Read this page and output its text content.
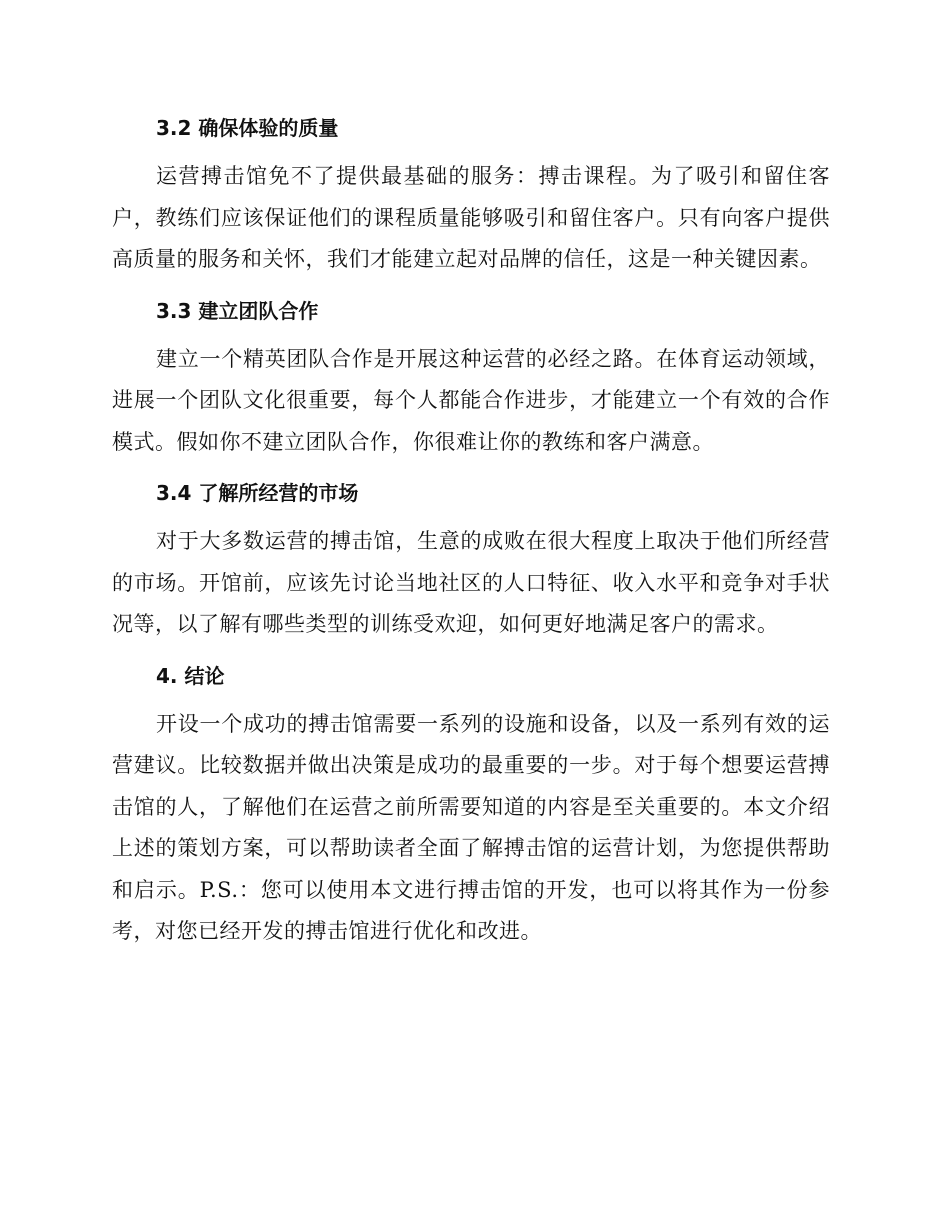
3.2 确保体验的质量

运营搏击馆免不了提供最基础的服务：搏击课程。为了吸引和留住客户，教练们应该保证他们的课程质量能够吸引和留住客户。只有向客户提供高质量的服务和关怀，我们才能建立起对品牌的信任，这是一种关键因素。

3.3 建立团队合作

建立一个精英团队合作是开展这种运营的必经之路。在体育运动领域，进展一个团队文化很重要，每个人都能合作进步，才能建立一个有效的合作模式。假如你不建立团队合作，你很难让你的教练和客户满意。

3.4 了解所经营的市场

对于大多数运营的搏击馆，生意的成败在很大程度上取决于他们所经营的市场。开馆前，应该先讨论当地社区的人口特征、收入水平和竞争对手状况等，以了解有哪些类型的训练受欢迎，如何更好地满足客户的需求。

4. 结论

开设一个成功的搏击馆需要一系列的设施和设备，以及一系列有效的运营建议。比较数据并做出决策是成功的最重要的一步。对于每个想要运营搏击馆的人，了解他们在运营之前所需要知道的内容是至关重要的。本文介绍上述的策划方案，可以帮助读者全面了解搏击馆的运营计划，为您提供帮助和启示。P.S.：您可以使用本文进行搏击馆的开发，也可以将其作为一份参考，对您已经开发的搏击馆进行优化和改进。
